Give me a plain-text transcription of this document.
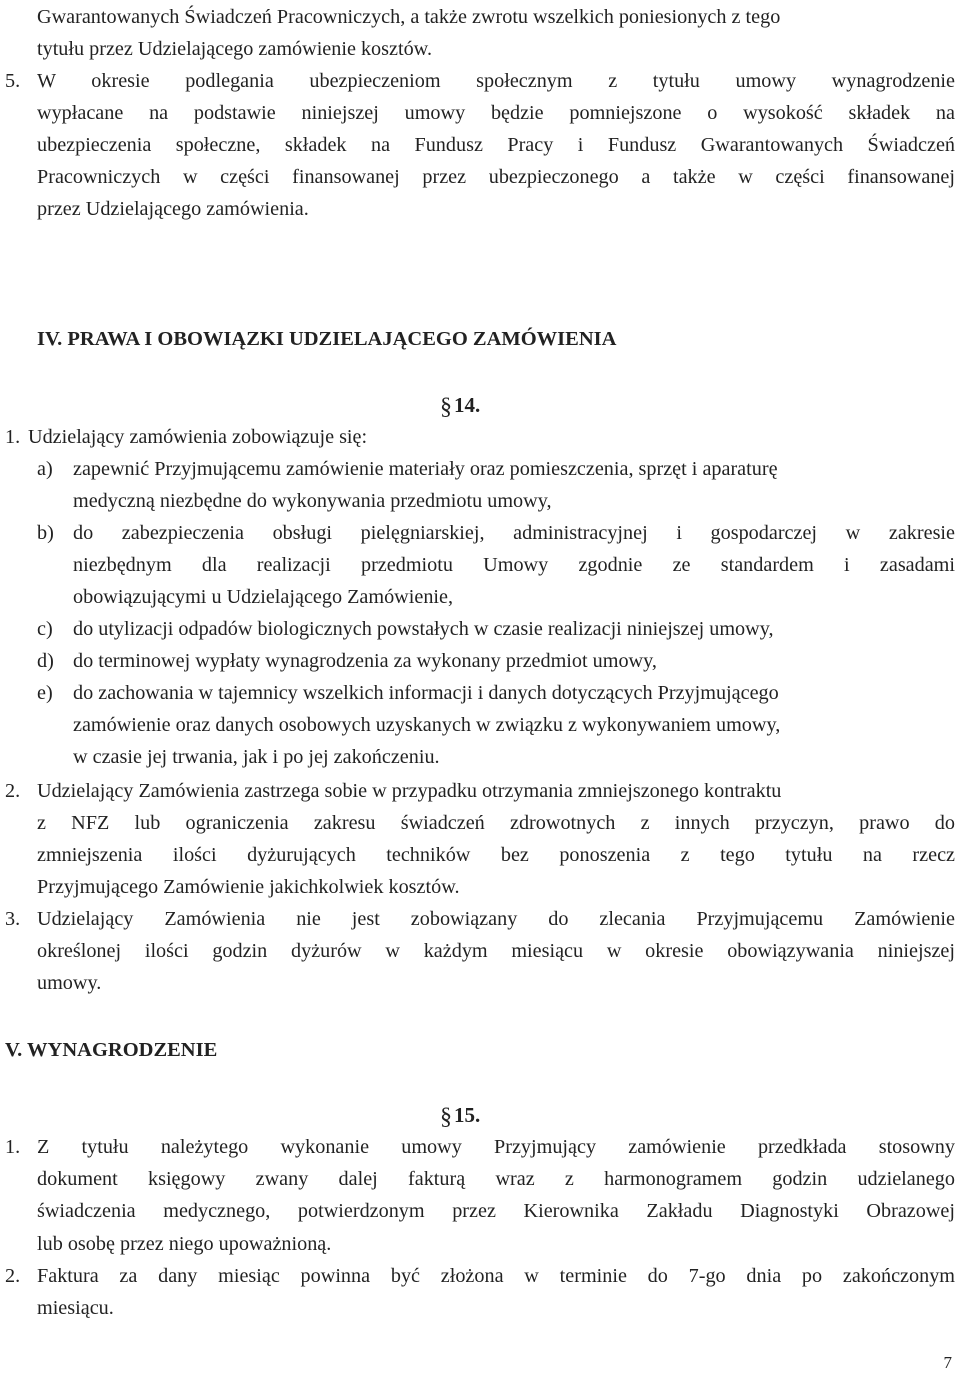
Gwarantowanych Świadczeń Pracowniczych, a także zwrotu wszelkich poniesionych z tego
tytułu przez Udzielającego zamówienie kosztów.
5. W okresie podlegania ubezpieczeniom społecznym z tytułu umowy wynagrodzenie
wypłacane na podstawie niniejszej umowy będzie pomniejszone o wysokość składek na
ubezpieczenia społeczne, składek na Fundusz Pracy i Fundusz Gwarantowanych Świadczeń
Pracowniczych w części finansowanej przez ubezpieczonego a także w części finansowanej
przez Udzielającego zamówienia.
IV. PRAWA I OBOWIĄZKI UDZIELAJĄCEGO ZAMÓWIENIA
§14.
1. Udzielający zamówienia zobowiązuje się:
a) zapewnić Przyjmującemu zamówienie materiały oraz pomieszczenia, sprzęt i aparaturę
medyczną niezbędne do wykonywania przedmiotu umowy,
b) do zabezpieczenia obsługi pielęgniarskiej, administracyjnej i gospodarczej w zakresie
niezbędnym dla realizacji przedmiotu Umowy zgodnie ze standardem i zasadami
obowiązującymi u Udzielającego Zamówienie,
c) do utylizacji odpadów biologicznych powstałych w czasie realizacji niniejszej umowy,
d) do terminowej wypłaty wynagrodzenia za wykonany przedmiot umowy,
e) do zachowania w tajemnicy wszelkich informacji i danych dotyczących Przyjmującego
zamówienie oraz danych osobowych uzyskanych w związku z wykonywaniem umowy,
w czasie jej trwania, jak i po jej zakończeniu.
2. Udzielający Zamówienia zastrzega sobie w przypadku otrzymania zmniejszonego kontraktu
z NFZ lub ograniczenia zakresu świadczeń zdrowotnych z innych przyczyn, prawo do
zmniejszenia ilości dyżurujących techników bez ponoszenia z tego tytułu na rzecz
Przyjmującego Zamówienie jakichkolwiek kosztów.
3. Udzielający Zamówienia nie jest zobowiązany do zlecania Przyjmującemu Zamówienie
określonej ilości godzin dyżurów w każdym miesiącu w okresie obowiązywania niniejszej
umowy.
V. WYNAGRODZENIE
§15.
1. Z tytułu należytego wykonanie umowy Przyjmujący zamówienie przedkłada stosowny
dokument księgowy zwany dalej fakturą wraz z harmonogramem godzin udzielanego
świadczenia medycznego, potwierdzonym przez Kierownika Zakładu Diagnostyki Obrazowej
lub osobę przez niego upoważnioną.
2. Faktura za dany miesiąc powinna być złożona w terminie do 7-go dnia po zakończonym
miesiącu.
7
